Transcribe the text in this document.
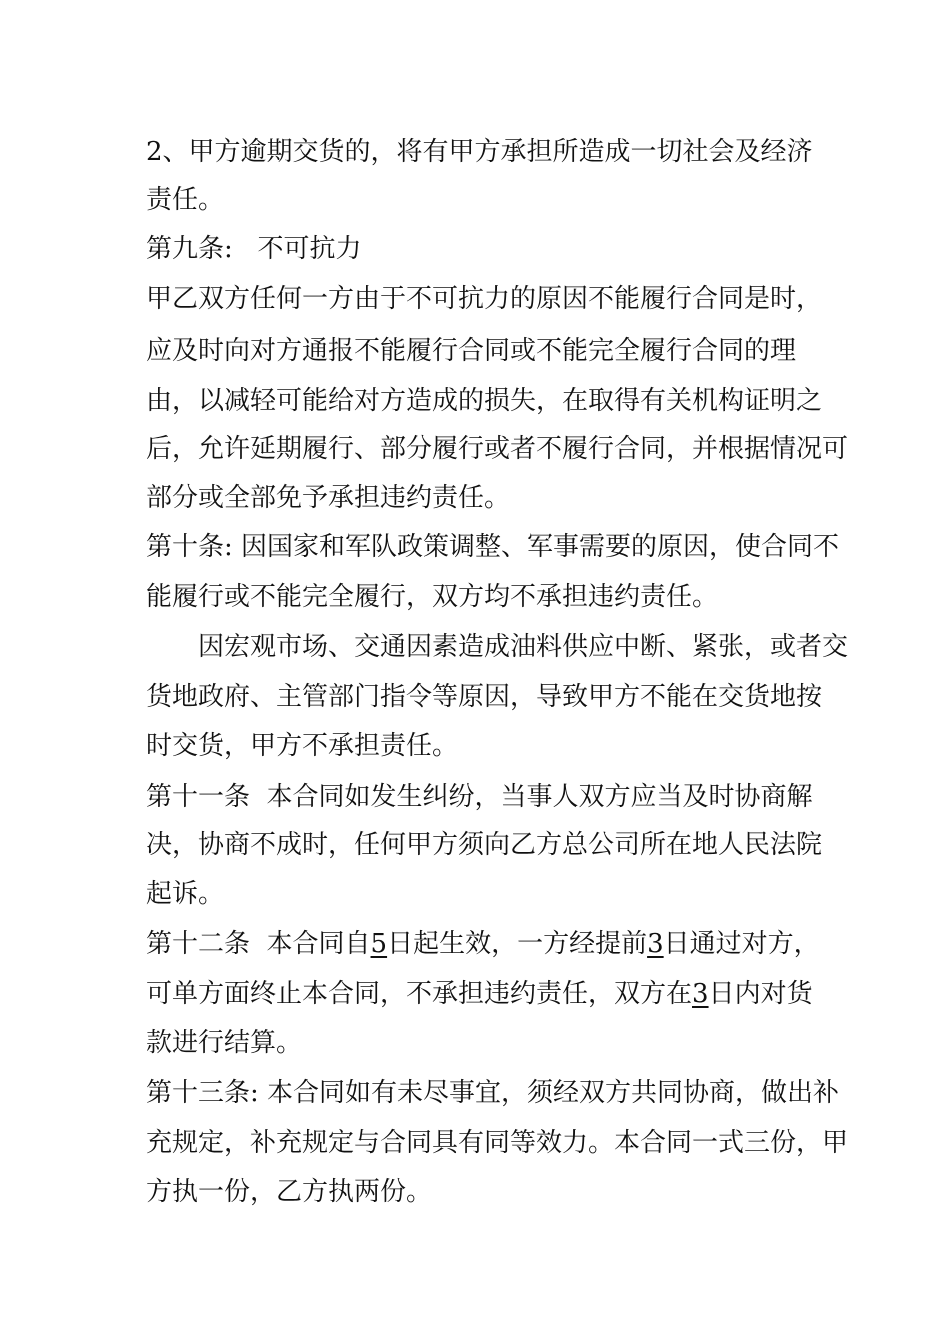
2、甲方逾期交货的，将有甲方承担所造成一切社会及经济
责任。
第九条:   不可抗力
甲乙双方任何一方由于不可抗力的原因不能履行合同是时，
应及时向对方通报不能履行合同或不能完全履行合同的理
由，以减轻可能给对方造成的损失，在取得有关机构证明之
后，允许延期履行、部分履行或者不履行合同，并根据情况可
部分或全部免予承担违约责任。
第十条: 因国家和军队政策调整、军事需要的原因，使合同不
能履行或不能完全履行，双方均不承担违约责任。
因宏观市场、交通因素造成油料供应中断、紧张，或者交
货地政府、主管部门指令等原因，导致甲方不能在交货地按
时交货，甲方不承担责任。
第十一条  本合同如发生纠纷，当事人双方应当及时协商解
决，协商不成时，任何甲方须向乙方总公司所在地人民法院
起诉。
第十二条  本合同自5日起生效，一方经提前3日通过对方，
可单方面终止本合同，不承担违约责任，双方在3日内对货
款进行结算。
第十三条: 本合同如有未尽事宜，须经双方共同协商，做出补
充规定，补充规定与合同具有同等效力。本合同一式三份，甲
方执一份，乙方执两份。
